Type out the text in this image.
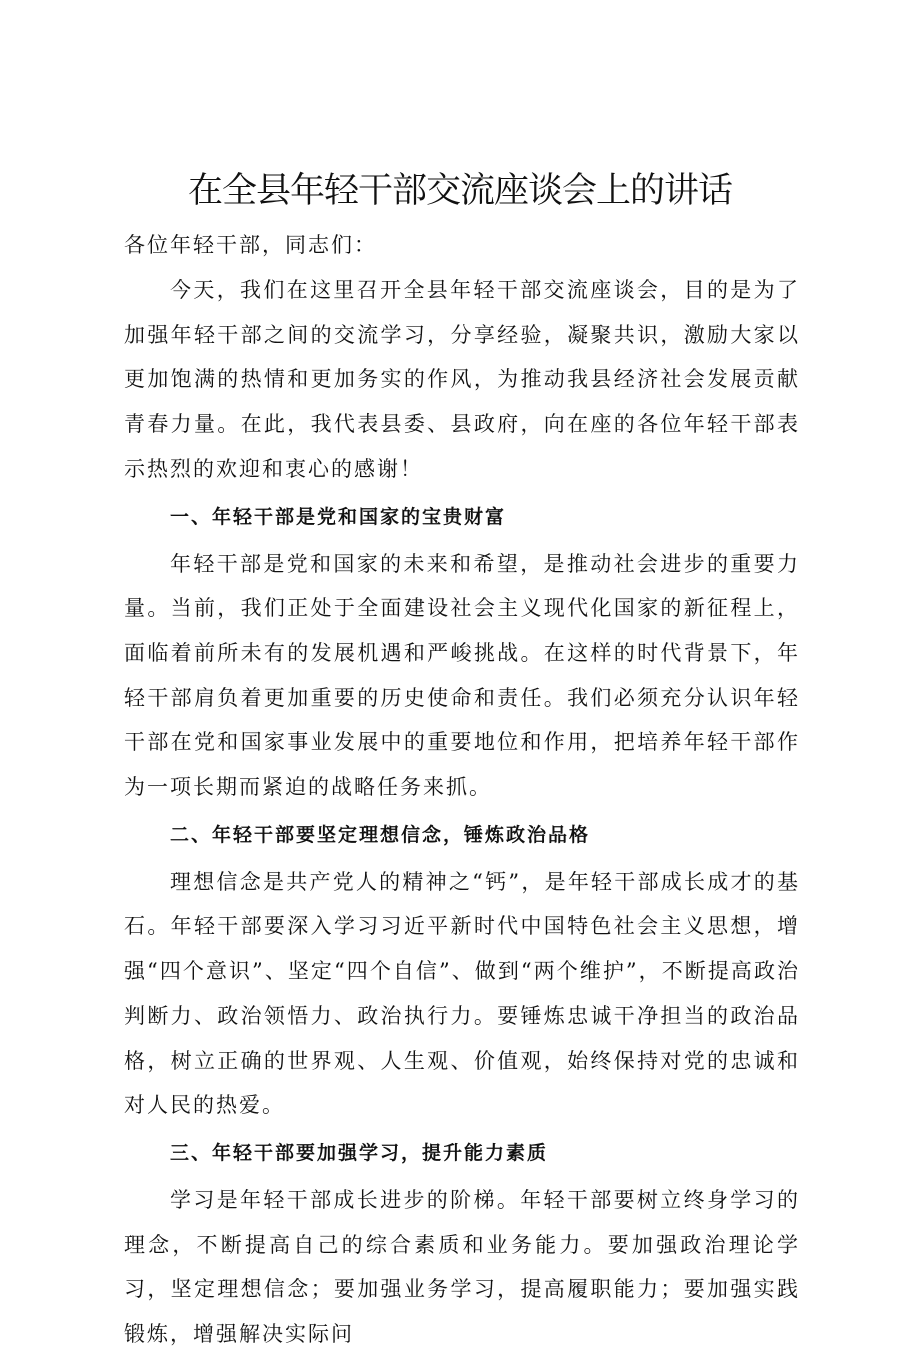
在全县年轻干部交流座谈会上的讲话

各位年轻干部，同志们：

今天，我们在这里召开全县年轻干部交流座谈会，目的是为了加强年轻干部之间的交流学习，分享经验，凝聚共识，激励大家以更加饱满的热情和更加务实的作风，为推动我县经济社会发展贡献青春力量。在此，我代表县委、县政府，向在座的各位年轻干部表示热烈的欢迎和衷心的感谢！

一、年轻干部是党和国家的宝贵财富

年轻干部是党和国家的未来和希望，是推动社会进步的重要力量。当前，我们正处于全面建设社会主义现代化国家的新征程上，面临着前所未有的发展机遇和严峻挑战。在这样的时代背景下，年轻干部肩负着更加重要的历史使命和责任。我们必须充分认识年轻干部在党和国家事业发展中的重要地位和作用，把培养年轻干部作为一项长期而紧迫的战略任务来抓。

二、年轻干部要坚定理想信念，锤炼政治品格

理想信念是共产党人的精神之“钙”，是年轻干部成长成才的基石。年轻干部要深入学习习近平新时代中国特色社会主义思想，增强“四个意识”、坚定“四个自信”、做到“两个维护”，不断提高政治判断力、政治领悟力、政治执行力。要锤炼忠诚干净担当的政治品格，树立正确的世界观、人生观、价值观，始终保持对党的忠诚和对人民的热爱。

三、年轻干部要加强学习，提升能力素质

学习是年轻干部成长进步的阶梯。年轻干部要树立终身学习的理念，不断提高自己的综合素质和业务能力。要加强政治理论学习，坚定理想信念；要加强业务学习，提高履职能力；要加强实践锻炼，增强解决实际问
